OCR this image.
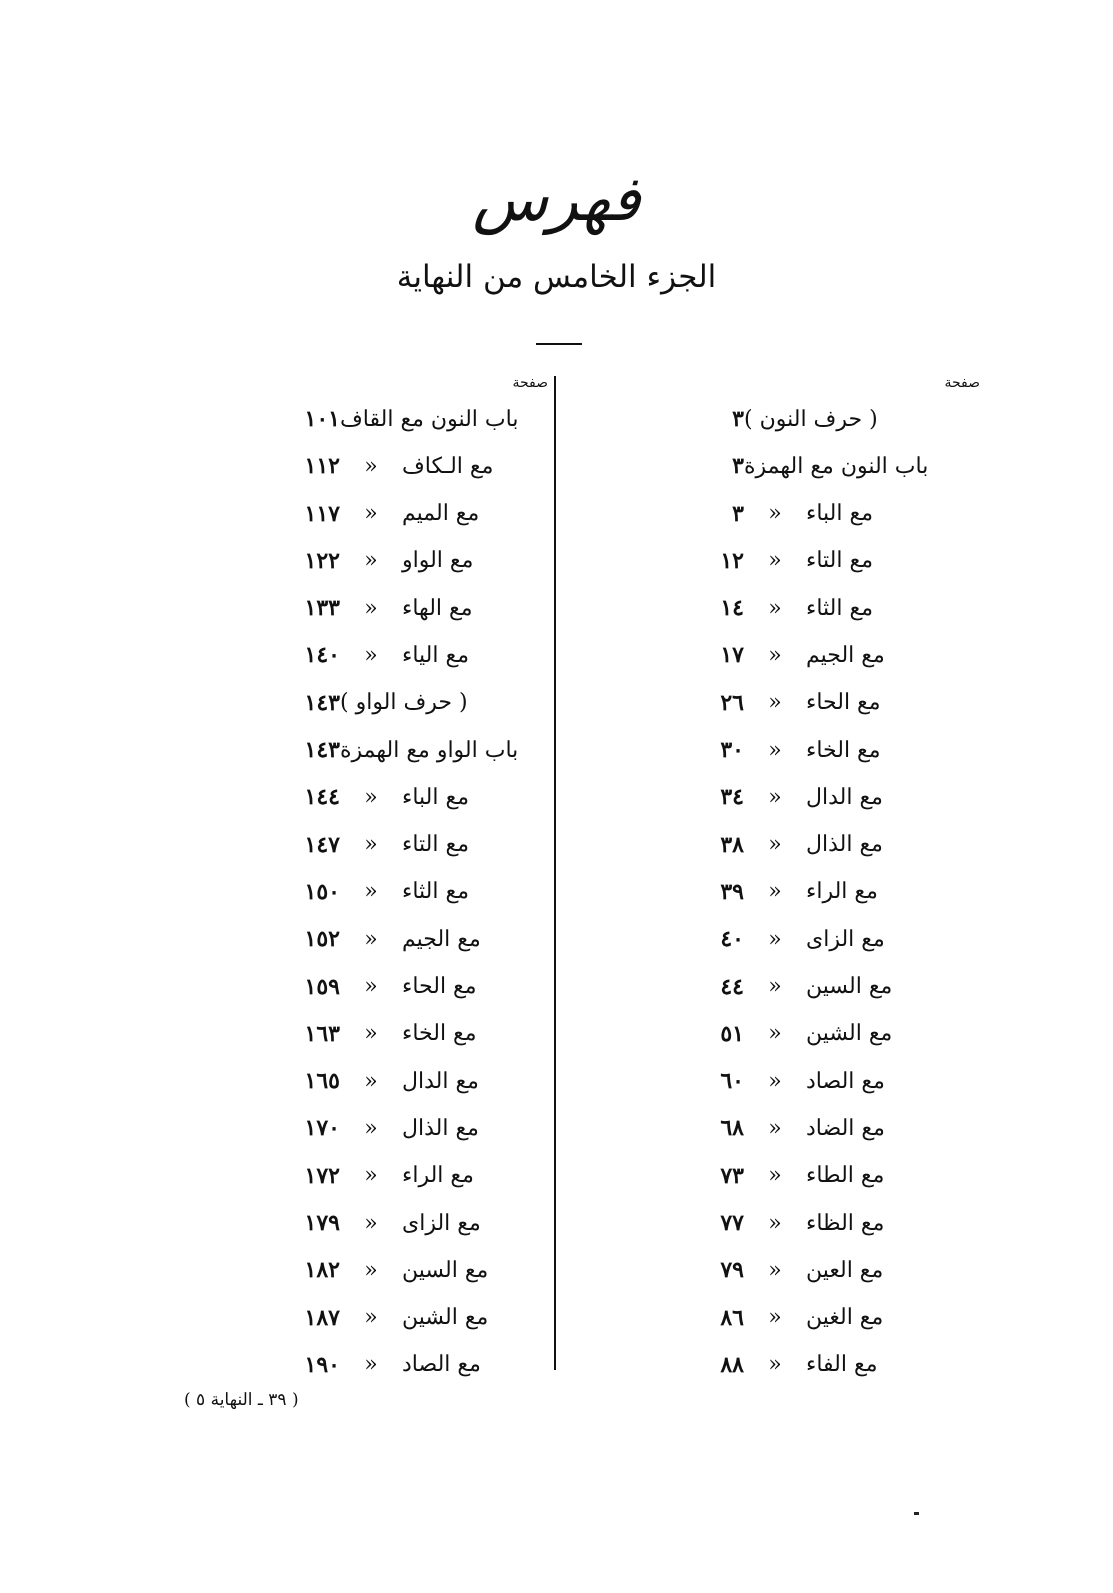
فهرس
الجزء الخامس من النهاية
صفحة
٣ ( حرف النون )
٣ باب النون مع الهمزة
٣	«	مع الباء
١٢	«	مع التاء
١٤	«	مع الثاء
١٧	«	مع الجيم
٢٦	«	مع الحاء
٣٠	«	مع الخاء
٣٤	«	مع الدال
٣٨	«	مع الذال
٣٩	«	مع الراء
٤٠	«	مع الزاى
٤٤	«	مع السين
٥١	«	مع الشين
٦٠	«	مع الصاد
٦٨	«	مع الضاد
٧٣	«	مع الطاء
٧٧	«	مع الظاء
٧٩	«	مع العين
٨٦	«	مع الغين
٨٨	«	مع الفاء
صفحة
١٠١ باب النون مع القاف
١١٢	«	مع الـكاف
١١٧	«	مع الميم
١٢٢	«	مع الواو
١٣٣	«	مع الهاء
١٤٠	«	مع الياء
١٤٣ ( حرف الواو )
١٤٣ باب الواو مع الهمزة
١٤٤	«	مع الباء
١٤٧	«	مع التاء
١٥٠	«	مع الثاء
١٥٢	«	مع الجيم
١٥٩	«	مع الحاء
١٦٣	«	مع الخاء
١٦٥	«	مع الدال
١٧٠	«	مع الذال
١٧٢	«	مع الراء
١٧٩	«	مع الزاى
١٨٢	«	مع السين
١٨٧	«	مع الشين
١٩٠	«	مع الصاد
( ٣٩ ـ النهاية ٥ )
